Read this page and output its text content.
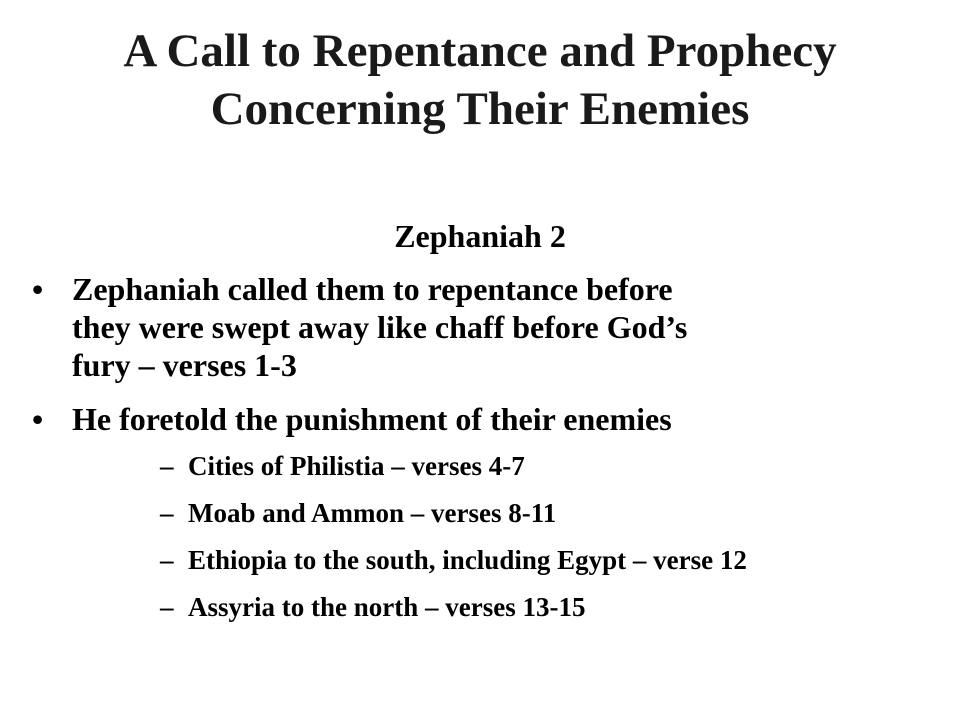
A Call to Repentance and Prophecy
Concerning Their Enemies
Zephaniah 2
• Zephaniah called them to repentance before
they were swept away like chaff before God’s
fury – verses 1-3
• He foretold the punishment of their enemies
– Cities of Philistia – verses 4-7
– Moab and Ammon – verses 8-11
– Ethiopia to the south, including Egypt – verse 12
– Assyria to the north – verses 13-15
